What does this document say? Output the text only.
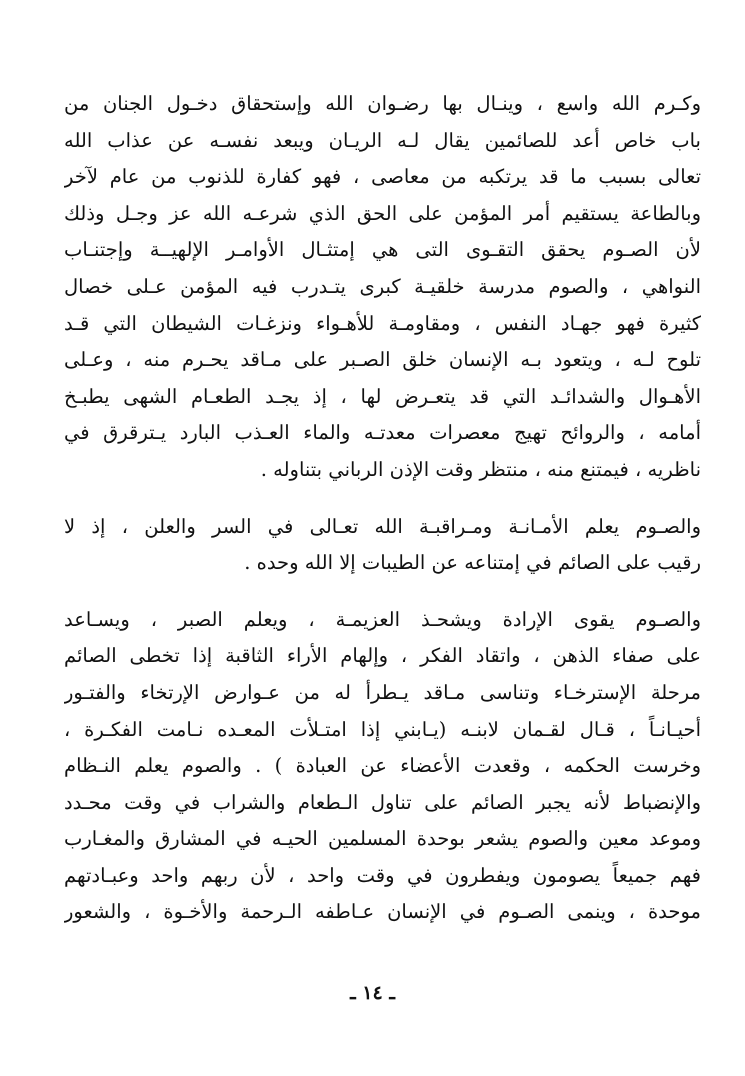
وكـرم الله واسع ، وينـال بها رضـوان الله وإستحقاق دخـول الجنان من
باب خاص أعد للصائمين يقال لـه الريـان ويبعد نفسـه عن عذاب الله
تعالى بسبب ما قد يرتكبه من معاصى ، فهو كفارة للذنوب من عام لآخر
وبالطاعة يستقيم أمر المؤمن على الحق الذي شرعـه الله عز وجـل وذلك
لأن الصـوم يحقق التقـوى التى هي إمتثـال الأوامـر الإلهيــة وإجتنـاب
النواهي ، والصوم مدرسة خلقيـة كبرى يتـدرب فيه المؤمن عـلى خصال
كثيرة فهو جهـاد النفس ، ومقاومـة للأهـواء ونزغـات الشيطان التي قـد
تلوح لـه ، ويتعود بـه الإنسان خلق الصـبر على مـاقد يحـرم منه ، وعـلى
الأهـوال والشدائـد التي قد يتعـرض لها ، إذ يجـد الطعـام الشهى يطبـخ
أمامه ، والروائح تهيج معصرات معدتـه والماء العـذب البارد يـترقرق في
ناظريه ، فيمتنع منه ، منتظر وقت الإذن الرباني بتناوله .
والصـوم يعلم الأمـانـة ومـراقبـة الله تعـالى في السر والعلن ، إذ لا
رقيب على الصائم في إمتناعه عن الطيبات إلا الله وحده .
والصـوم يقوى الإرادة ويشحـذ العزيمـة ، ويعلم الصبر ، ويسـاعد
على صفاء الذهن ، واتقاد الفكر ، وإلهام الأراء الثاقبة إذا تخطى الصائم
مرحلة الإسترخـاء وتناسى مـاقد يـطرأ له من عـوارض الإرتخاء والفتـور
أحيـانـاً ، قـال لقـمان لابنـه (يـابني إذا امتـلأت المعـده نـامت الفكـرة ،
وخرست الحكمه ، وقعدت الأعضاء عن العبادة ) . والصوم يعلم النـظام
والإنضباط لأنه يجبر الصائم على تناول الـطعام والشراب في وقت محـدد
وموعد معين والصوم يشعر بوحدة المسلمين الحيـه في المشارق والمغـارب
فهم جميعاً يصومون ويفطرون في وقت واحد ، لأن ربهم واحد وعبـادتهم
موحدة ، وينمى الصـوم في الإنسان عـاطفه الـرحمة والأخـوة ، والشعور
ـ ١٤ ـ
